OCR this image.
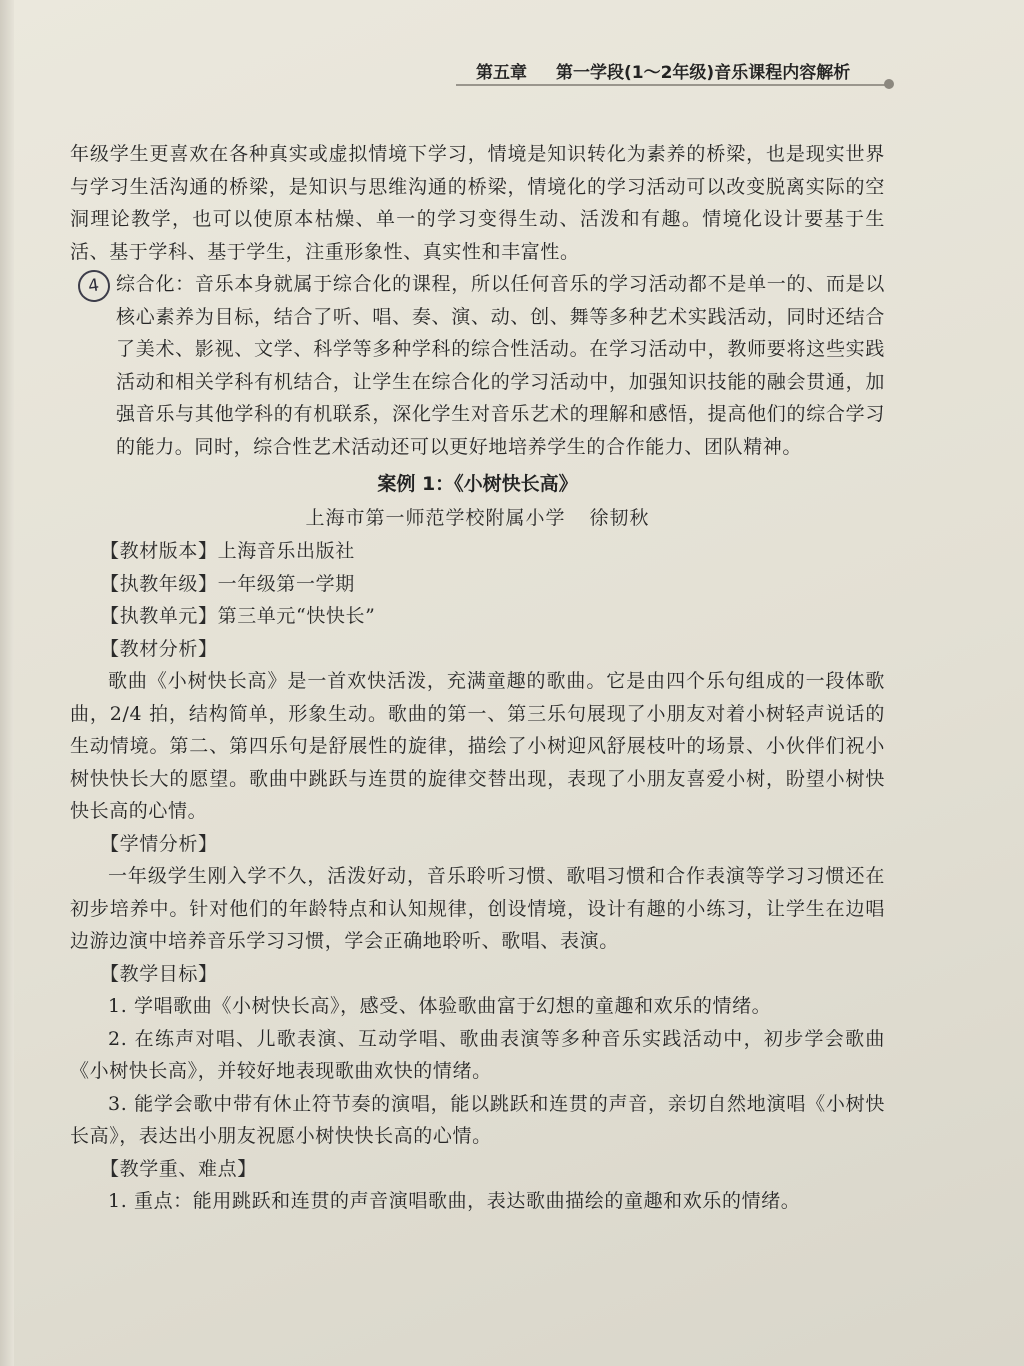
第五章 第一学段(1～2年级)音乐课程内容解析

年级学生更喜欢在各种真实或虚拟情境下学习，情境是知识转化为素养的桥梁，也是现实世界与学习生活沟通的桥梁，是知识与思维沟通的桥梁，情境化的学习活动可以改变脱离实际的空洞理论教学，也可以使原本枯燥、单一的学习变得生动、活泼和有趣。情境化设计要基于生活、基于学科、基于学生，注重形象性、真实性和丰富性。

4 综合化：音乐本身就属于综合化的课程，所以任何音乐的学习活动都不是单一的、而是以核心素养为目标，结合了听、唱、奏、演、动、创、舞等多种艺术实践活动，同时还结合了美术、影视、文学、科学等多种学科的综合性活动。在学习活动中，教师要将这些实践活动和相关学科有机结合，让学生在综合化的学习活动中，加强知识技能的融会贯通，加强音乐与其他学科的有机联系，深化学生对音乐艺术的理解和感悟，提高他们的综合学习的能力。同时，综合性艺术活动还可以更好地培养学生的合作能力、团队精神。

案例 1：《小树快长高》

上海市第一师范学校附属小学 徐韧秋

【教材版本】上海音乐出版社

【执教年级】一年级第一学期

【执教单元】第三单元“快快长”

【教材分析】

歌曲《小树快长高》是一首欢快活泼，充满童趣的歌曲。它是由四个乐句组成的一段体歌曲，2/4 拍，结构简单，形象生动。歌曲的第一、第三乐句展现了小朋友对着小树轻声说话的生动情境。第二、第四乐句是舒展性的旋律，描绘了小树迎风舒展枝叶的场景、小伙伴们祝小树快快长大的愿望。歌曲中跳跃与连贯的旋律交替出现，表现了小朋友喜爱小树，盼望小树快快长高的心情。

【学情分析】

一年级学生刚入学不久，活泼好动，音乐聆听习惯、歌唱习惯和合作表演等学习习惯还在初步培养中。针对他们的年龄特点和认知规律，创设情境，设计有趣的小练习，让学生在边唱边游边演中培养音乐学习习惯，学会正确地聆听、歌唱、表演。

【教学目标】

1. 学唱歌曲《小树快长高》，感受、体验歌曲富于幻想的童趣和欢乐的情绪。

2. 在练声对唱、儿歌表演、互动学唱、歌曲表演等多种音乐实践活动中，初步学会歌曲《小树快长高》，并较好地表现歌曲欢快的情绪。

3. 能学会歌中带有休止符节奏的演唱，能以跳跃和连贯的声音，亲切自然地演唱《小树快长高》，表达出小朋友祝愿小树快快长高的心情。

【教学重、难点】

1. 重点：能用跳跃和连贯的声音演唱歌曲，表达歌曲描绘的童趣和欢乐的情绪。
